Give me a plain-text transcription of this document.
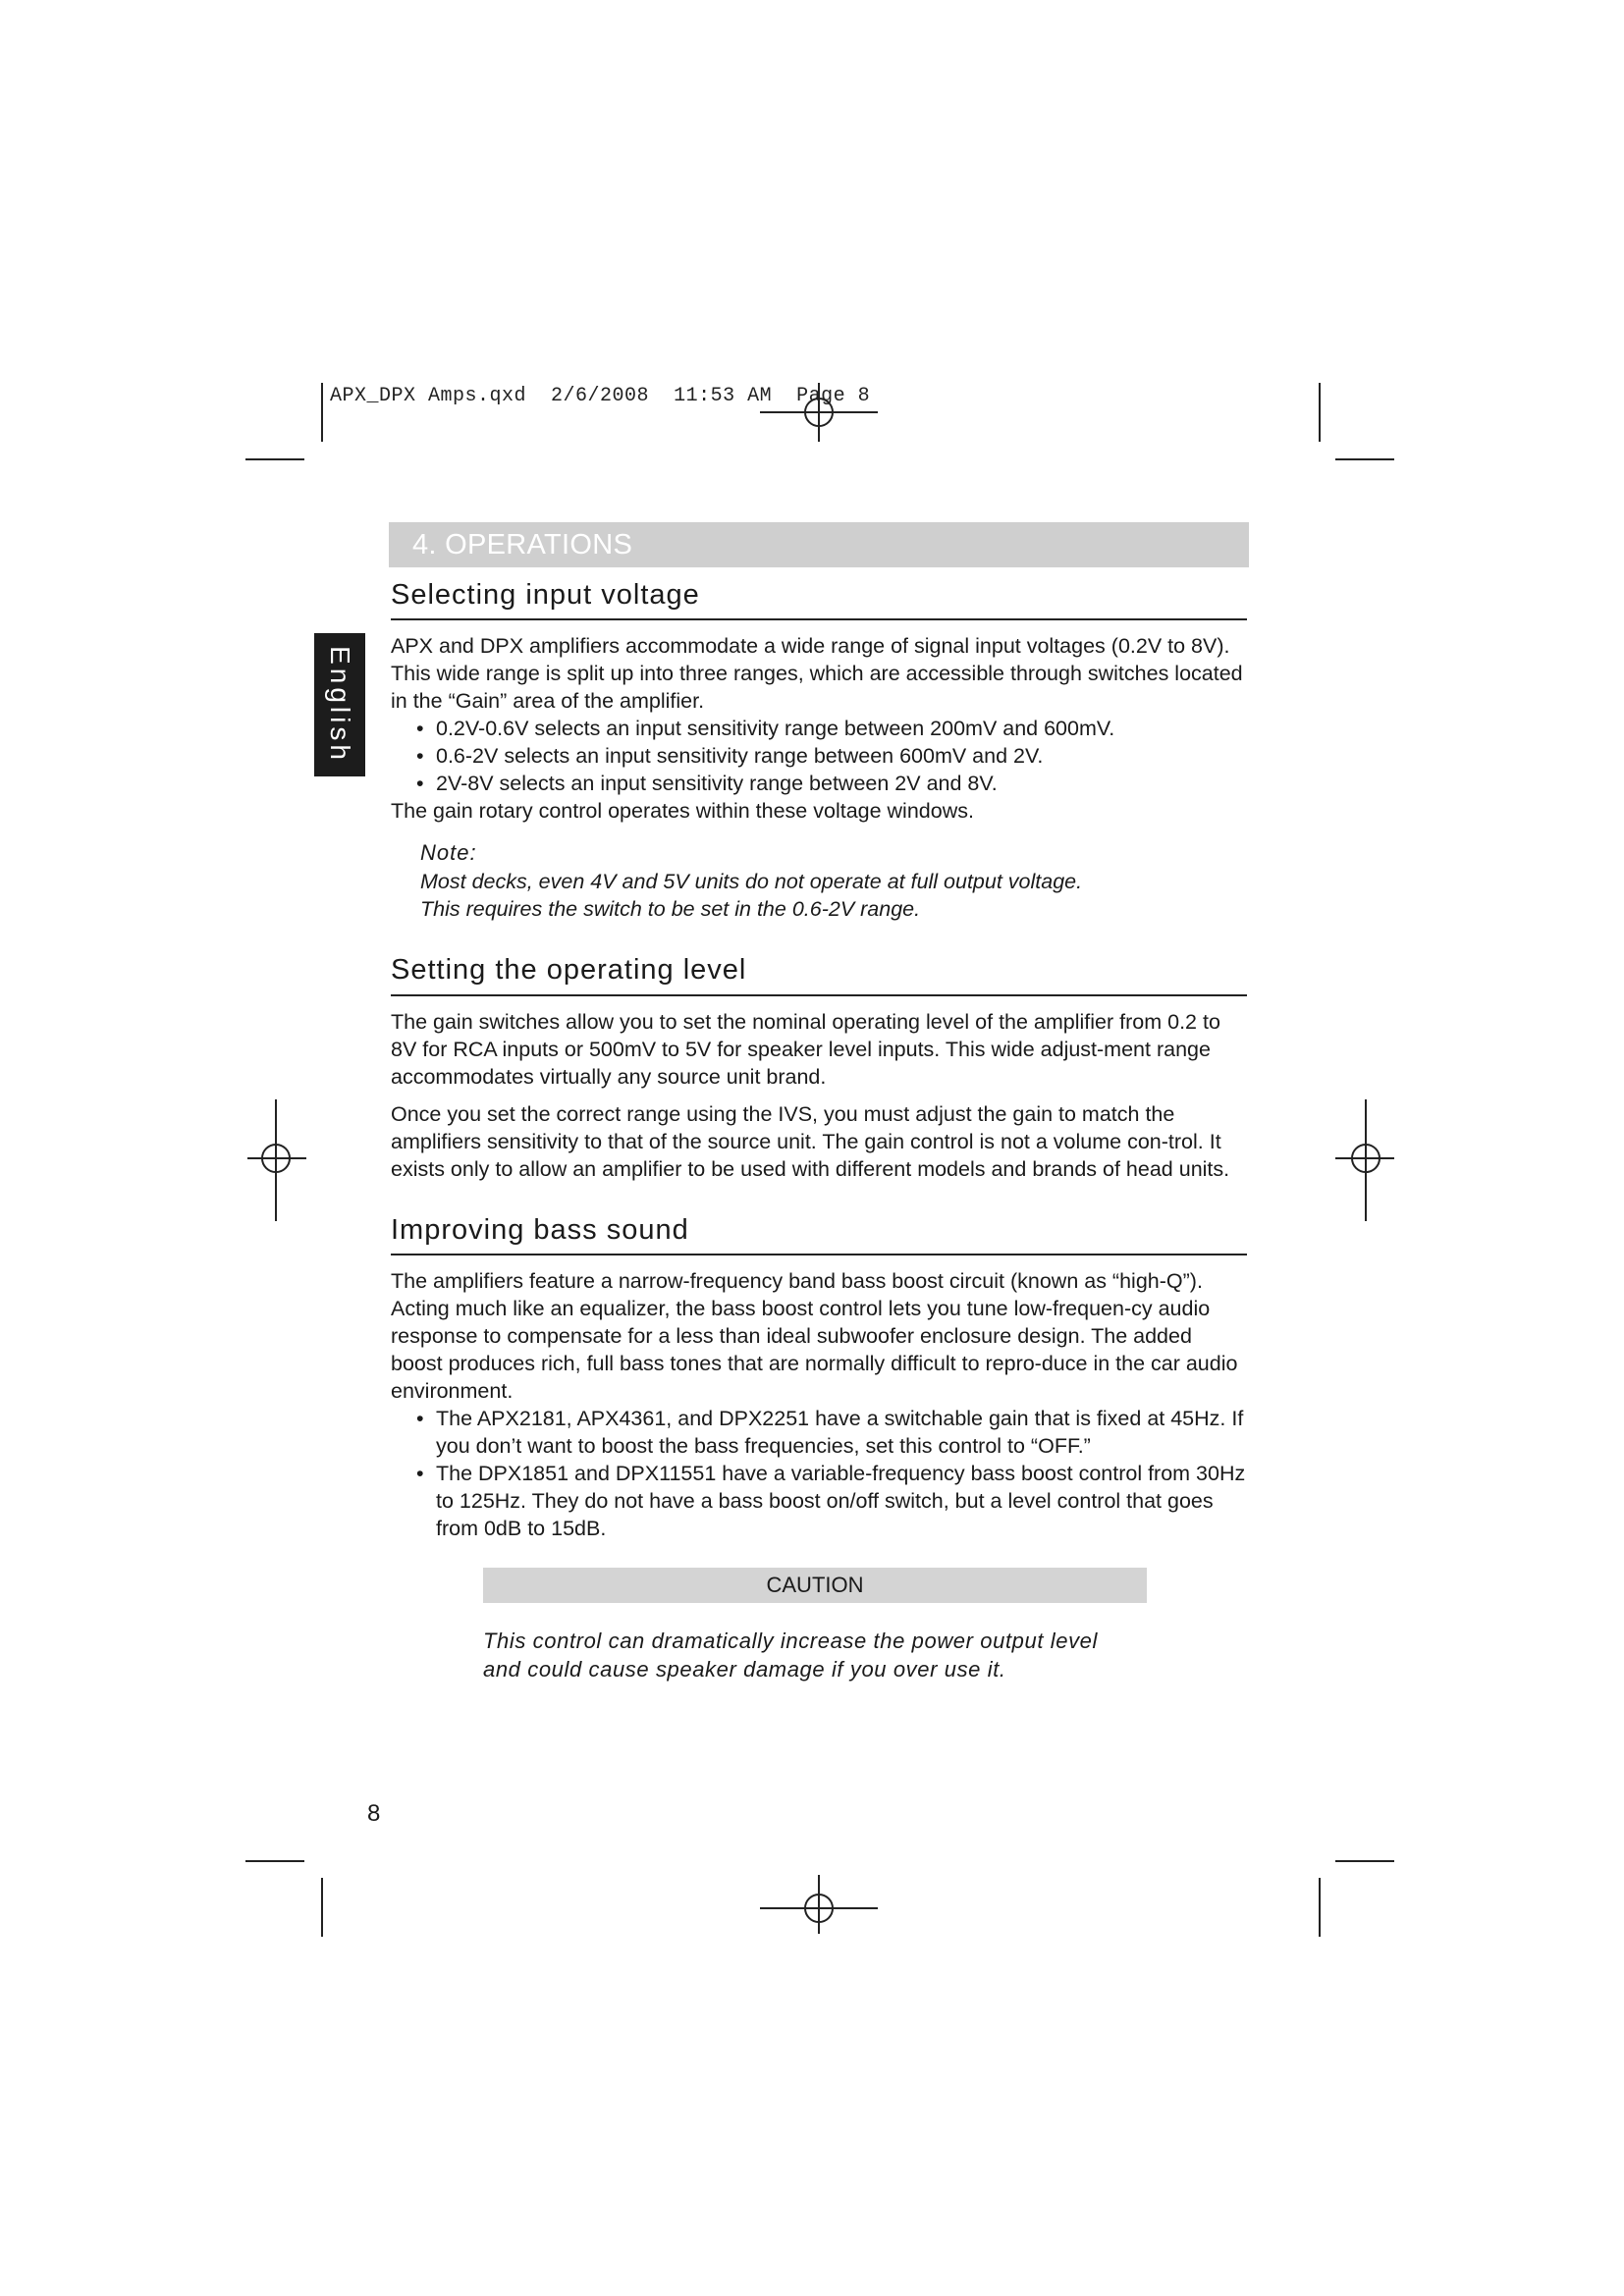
APX_DPX Amps.qxd 2/6/2008 11:53 AM Page 8
4. OPERATIONS
English
Selecting input voltage

APX and DPX amplifiers accommodate a wide range of signal input voltages (0.2V to 8V). This wide range is split up into three ranges, which are accessible through switches located in the “Gain” area of the amplifier.

• 0.2V-0.6V selects an input sensitivity range between 200mV and 600mV.
• 0.6-2V selects an input sensitivity range between 600mV and 2V.
• 2V-8V selects an input sensitivity range between 2V and 8V.

The gain rotary control operates within these voltage windows.

Note:
Most decks, even 4V and 5V units do not operate at full output voltage.
This requires the switch to be set in the 0.6-2V range.
Setting the operating level

The gain switches allow you to set the nominal operating level of the amplifier from 0.2 to 8V for RCA inputs or 500mV to 5V for speaker level inputs. This wide adjust-ment range accommodates virtually any source unit brand.

Once you set the correct range using the IVS, you must adjust the gain to match the amplifiers sensitivity to that of the source unit. The gain control is not a volume con-trol. It exists only to allow an amplifier to be used with different models and brands of head units.

Improving bass sound

The amplifiers feature a narrow-frequency band bass boost circuit (known as “high-Q”). Acting much like an equalizer, the bass boost control lets you tune low-frequen-cy audio response to compensate for a less than ideal subwoofer enclosure design. The added boost produces rich, full bass tones that are normally difficult to repro-duce in the car audio environment.

• The APX2181, APX4361, and DPX2251 have a switchable gain that is fixed at 45Hz. If you don’t want to boost the bass frequencies, set this control to “OFF.”
• The DPX1851 and DPX11551 have a variable-frequency bass boost control from 30Hz to 125Hz. They do not have a bass boost on/off switch, but a level control that goes from 0dB to 15dB.
CAUTION
This control can dramatically increase the power output level
and could cause speaker damage if you over use it.
8
